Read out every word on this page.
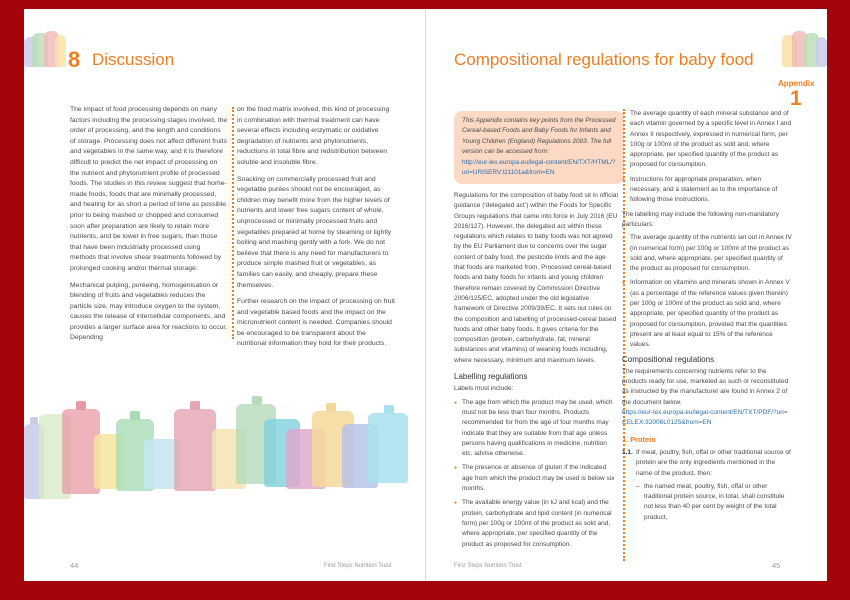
8 Discussion

The impact of food processing depends on many factors including the processing stages involved, the order of processing, and the length and conditions of storage. Processing does not affect different fruits and vegetables in the same way, and it is therefore difficult to predict the net impact of processing on the nutrient and phytonutrient profile of processed foods. The studies in this review suggest that home-made foods, foods that are minimally processed, and heating for as short a period of time as possible prior to being mashed or chopped and consumed soon after preparation are likely to retain more nutrients, and be lower in free sugars, than those that have been industrially processed using methods that involve shear treatments followed by prolonged cooking and/or thermal storage.

Mechanical pulping, puréeing, homogenisation or blending of fruits and vegetables reduces the particle size, may introduce oxygen to the system, causes the release of intercellular components, and provides a larger surface area for reactions to occur. Depending

on the food matrix involved, this kind of processing in combination with thermal treatment can have several effects including enzymatic or oxidative degradation of nutrients and phytonutrients, reductions in total fibre and redistribution between soluble and insoluble fibre.

Snacking on commercially processed fruit and vegetable purées should not be encouraged, as children may benefit more from the higher levels of nutrients and lower free sugars content of whole, unprocessed or minimally processed fruits and vegetables prepared at home by steaming or lightly boiling and mashing gently with a fork. We do not believe that there is any need for manufacturers to produce simple mashed fruit or vegetables, as families can easily, and cheaply, prepare these themselves.

Further research on the impact of processing on fruit and vegetable based foods and the impact on the micronutrient content is needed. Companies should be encouraged to be transparent about the nutritional information they hold for their products.

44	First Steps Nutrition Trust
Compositional regulations for baby food
Appendix
1
This Appendix contains key points from the Processed Cereal-based Foods and Baby Foods for Infants and Young Children (England) Regulations 2003. The full version can be accessed from:
http://eur-lex.europa.eu/legal-content/EN/TXT/HTML/?uri=URISERV:l21101a&from=EN

Regulations for the composition of baby food sit in official guidance (‘delegated act’) within the Foods for Specific Groups regulations that came into force in July 2016 (EU 2016/127). However, the delegated act within these regulations which relates to baby foods was not agreed by the EU Parliament due to concerns over the sugar content of baby food, the pesticide limits and the age that foods are marketed from. Processed cereal-based foods and baby foods for infants and young children therefore remain covered by Commission Directive 2006/125/EC, adopted under the old legislative framework of Directive 2009/39/EC. It sets out rules on the composition and labelling of processed-cereal based foods and other baby foods. It gives criteria for the composition (protein, carbohydrate, fat, mineral substances and vitamins) of weaning foods including, where necessary, minimum and maximum levels.

Labelling regulations

Labels must include:

● The age from which the product may be used, which must not be less than four months. Products recommended for from the age of four months may indicate that they are suitable from that age unless persons having qualifications in medicine, nutrition etc. advise otherwise.
● The presence or absence of gluten if the indicated age from which the product may be used is below six months.
● The available energy value (in kJ and kcal) and the protein, carbohydrate and lipid content (in numerical form) per 100g or 100ml of the product as sold and, where appropriate, per specified quantity of the product as proposed for consumption.
● The average quantity of each mineral substance and of each vitamin governed by a specific level in Annex I and Annex II respectively, expressed in numerical form, per 100g or 100ml of the product as sold and, where appropriate, per specified quantity of the product as proposed for consumption.
● Instructions for appropriate preparation, when necessary, and a statement as to the importance of following those instructions.

The labelling may include the following non-mandatory particulars:

● The average quantity of the nutrients set out in Annex IV (in numerical form) per 100g or 100ml of the product as sold and, where appropriate, per specified quantity of the product as proposed for consumption.
● Information on vitamins and minerals shown in Annex V (as a percentage of the reference values given therein) per 100g or 100ml of the product as sold and, where appropriate, per specified quantity of the product as proposed for consumption, provided that the quantities present are at least equal to 15% of the reference values.
Compositional regulations

The requirements concerning nutrients refer to the products ready for use, marketed as such or reconstituted as instructed by the manufacturer are found in Annex 2 of the document below.

https://eur-lex.europa.eu/legal-content/EN/TXT/PDF/?uri=CELEX:32006L0125&from=EN
1. Protein
1.1. If meat, poultry, fish, offal or other traditional source of protein are the only ingredients mentioned in the name of the product, then:
– the named meat, poultry, fish, offal or other traditional protein source, in total, shall constitute not less than 40 per cent by weight of the total product,
First Steps Nutrition Trust	45
